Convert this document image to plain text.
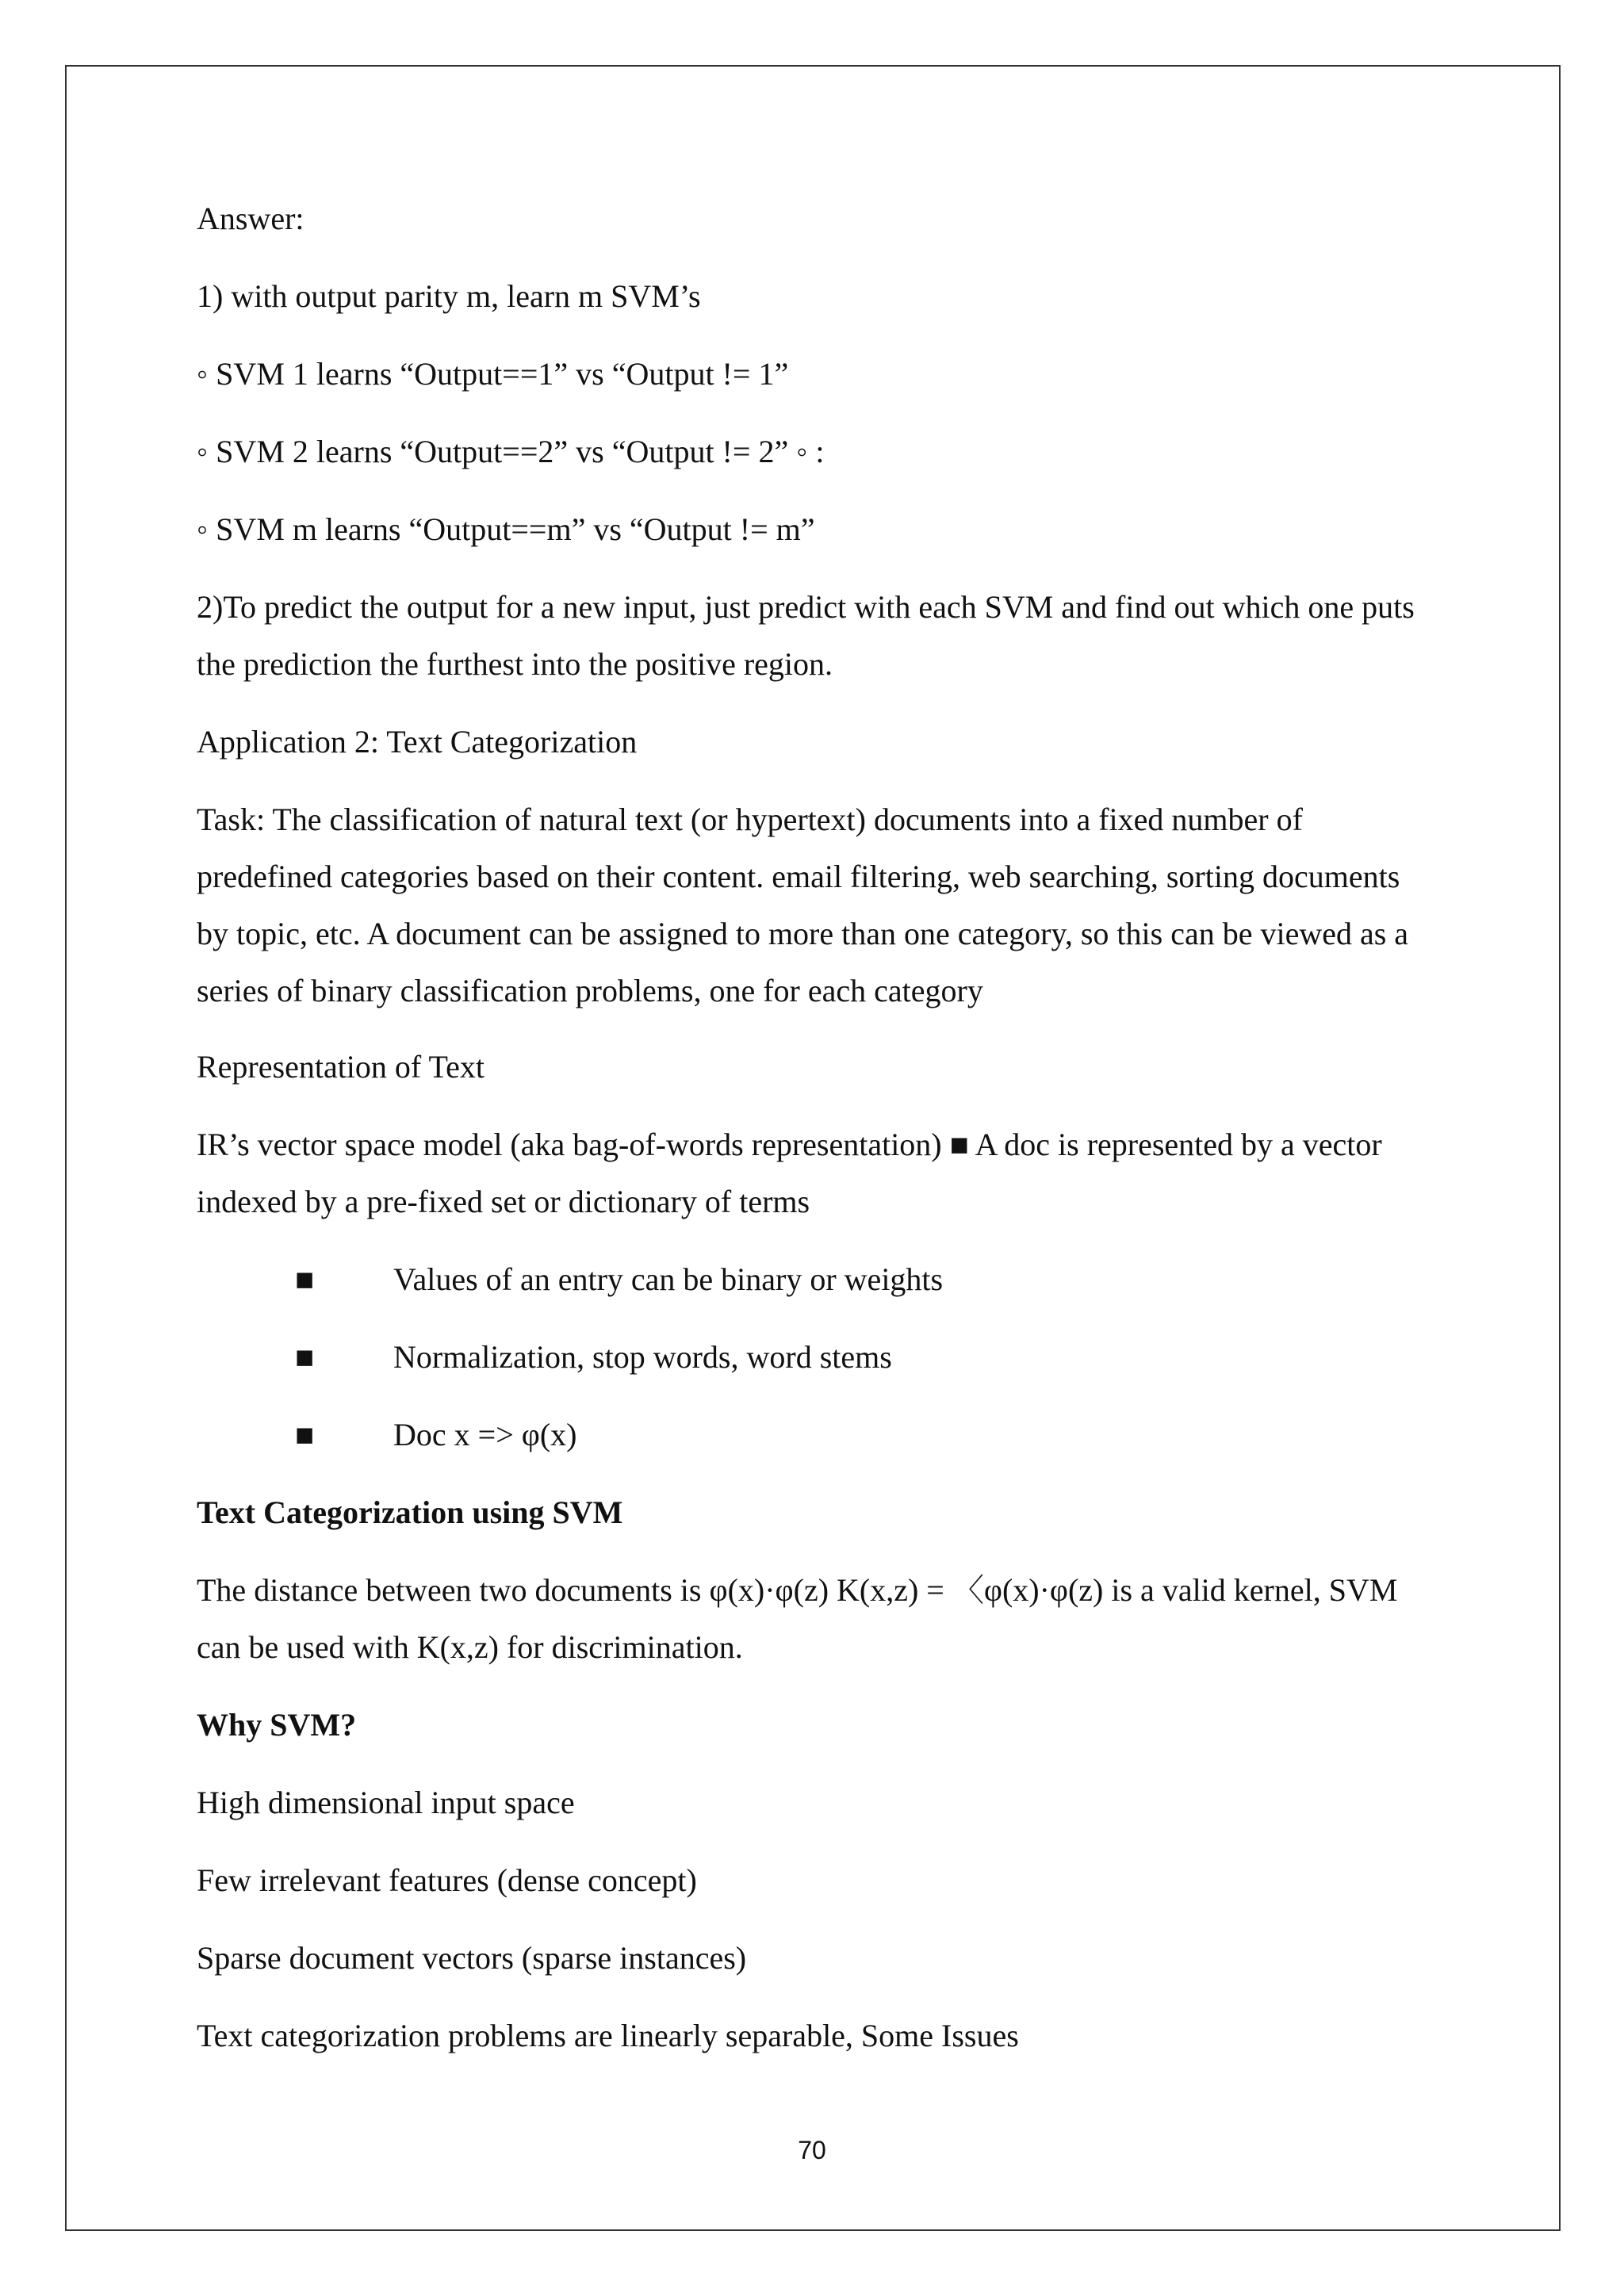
Answer:
1) with output parity m, learn m SVM’s
◦ SVM 1 learns “Output==1” vs “Output != 1”
◦ SVM 2 learns “Output==2” vs “Output != 2” ◦ :
◦ SVM m learns “Output==m” vs “Output != m”
2)To predict the output for a new input, just predict with each SVM and find out which one puts the prediction the furthest into the positive region.
Application 2: Text Categorization
Task: The classification of natural text (or hypertext) documents into a fixed number of predefined categories based on their content. email filtering, web searching, sorting documents by topic, etc. A document can be assigned to more than one category, so this can be viewed as a series of binary classification problems, one for each category
Representation of Text
IR’s vector space model (aka bag-of-words representation) ■ A doc is represented by a vector indexed by a pre-fixed set or dictionary of terms
■ Values of an entry can be binary or weights
■ Normalization, stop words, word stems
■ Doc x => φ(x)
Text Categorization using SVM
The distance between two documents is φ(x)·φ(z) K(x,z) = 〈φ(x)·φ(z) is a valid kernel, SVM can be used with K(x,z) for discrimination.
Why SVM?
High dimensional input space
Few irrelevant features (dense concept)
Sparse document vectors (sparse instances)
Text categorization problems are linearly separable, Some Issues
70
